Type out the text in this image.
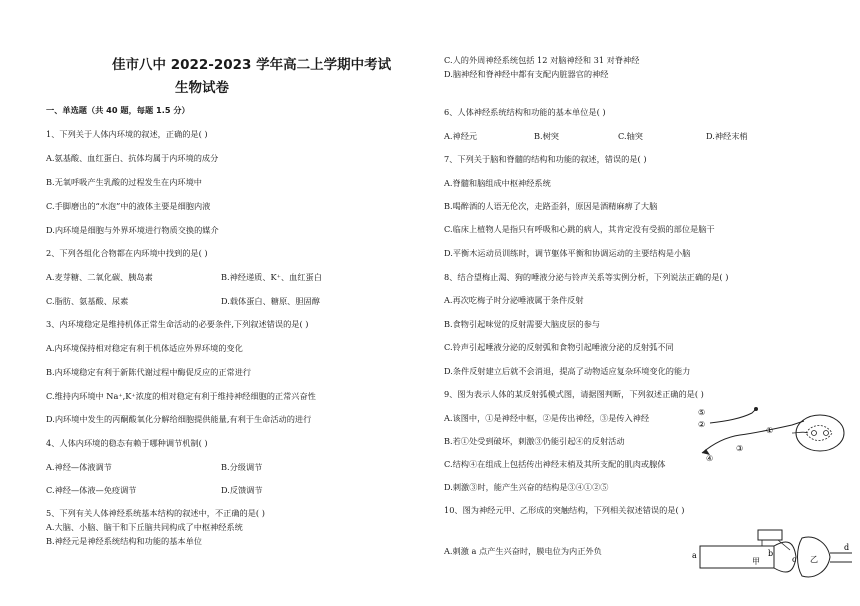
佳市八中 2022-2023 学年高二上学期中考试
生物试卷
一、单选题（共 40 题，每题 1.5 分）
1、下列关于人体内环境的叙述，正确的是( )
A.氨基酸、血红蛋白、抗体均属于内环境的成分
B.无氧呼吸产生乳酸的过程发生在内环境中
C.手脚磨出的“水泡”中的液体主要是细胞内液
D.内环境是细胞与外界环境进行物质交换的媒介
2、下列各组化合物都在内环境中找到的是( )
A.麦芽糖、二氧化碳、胰岛素	B.神经递质、K⁺、血红蛋白
C.脂肪、氨基酸、尿素	D.载体蛋白、糖原、胆固醇
3、内环境稳定是维持机体正常生命活动的必要条件,下列叙述错误的是( )
A.内环境保持相对稳定有利于机体适应外界环境的变化
B.内环境稳定有利于新陈代谢过程中酶促反应的正常进行
C.维持内环境中 Na⁺,K⁺浓度的相对稳定有利于维持神经细胞的正常兴奋性
D.内环境中发生的丙酮酸氧化分解给细胞提供能量,有利于生命活动的进行
4、人体内环境的稳态有赖于哪种调节机制( )
A.神经—体液调节	B.分级调节
C.神经—体液—免疫调节	D.反馈调节
5、下列有关人体神经系统基本结构的叙述中，不正确的是( )
A.大脑、小脑、脑干和下丘脑共同构成了中枢神经系统
B.神经元是神经系统结构和功能的基本单位
C.人的外周神经系统包括 12 对脑神经和 31 对脊神经
D.脑神经和脊神经中都有支配内脏器官的神经
6、人体神经系统结构和功能的基本单位是( )
A.神经元	B.树突	C.轴突	D.神经末梢
7、下列关于脑和脊髓的结构和功能的叙述，错误的是( )
A.脊髓和脑组成中枢神经系统
B.喝醉酒的人语无伦次，走路歪斜，原因是酒精麻痹了大脑
C.临床上植物人是指只有呼吸和心跳的病人，其肯定没有受损的部位是脑干
D.平衡木运动员训练时，调节躯体平衡和协调运动的主要结构是小脑
8、结合望梅止渴、狗的唾液分泌与铃声关系等实例分析，下列说法正确的是( )
A.再次吃梅子时分泌唾液属于条件反射
B.食物引起味觉的反射需要大脑皮层的参与
C.铃声引起唾液分泌的反射弧和食物引起唾液分泌的反射弧不同
D.条件反射建立后就不会消退，提高了动物适应复杂环境变化的能力
9、图为表示人体的某反射弧模式图，请据图判断，下列叙述正确的是( )
A.该图中，①是神经中枢，②是传出神经，③是传入神经
B.若①处受到破坏，刺激③仍能引起④的反射活动
C.结构④在组成上包括传出神经末梢及其所支配的肌肉或腺体
D.刺激③时，能产生兴奋的结构是③④①②⑤
⑤
②
①
③
④
10、图为神经元甲、乙形成的突触结构，下列相关叙述错误的是( )
A.刺激 a 点产生兴奋时，膜电位为内正外负	a	b
c
d
甲	乙
